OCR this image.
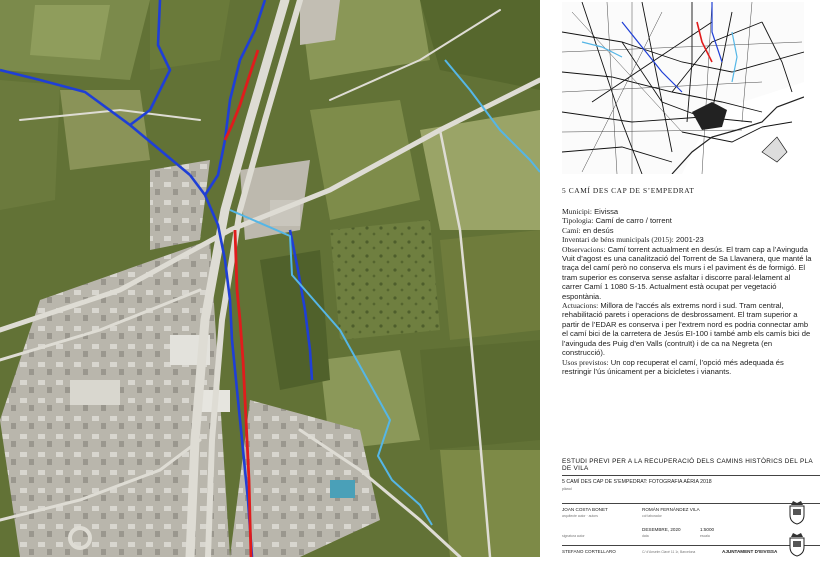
5 CAMÍ DES CAP DE S’EMPEDRAT
Municipi: Eivissa
Tipologia: Camí de carro / torrent
Camí: en desús
Inventari de béns municipals (2015): 2001-23
Observacions: Camí torrent actualment en desús. El tram cap a l’Avinguda Vuit d’agost es una canalització del Torrent de Sa Llavanera, que manté la traça del camí però no conserva els murs i el paviment és de formigó. El tram superior es conserva sense asfaltar i discorre paral·lelament al carrer Camí 1 1080 S-15. Actualment està ocupat per vegetació espontània.
Actuacions: Millora de l’accés als extrems nord i sud. Tram central, rehabilitació parets i operacions de desbrossament. El tram superior a partir de l’EDAR es conserva i per l’extrem nord es podria connectar amb el camí bici de la carretera de Jesús EI-100 i també amb els camís bici de l’avinguda des Puig d’en Valls (contruït) i de ca na Negreta (en construcció).
Usos previstos: Un cop recuperat el camí, l’opció més adequada és restringir l’ús únicament per a bicicletes i vianants.
ESTUDI PREVI PER A LA RECUPERACIÓ DELS CAMINS HISTÒRICS DEL PLA DE VILA
5 CAMÍ DES CAP DE S’EMPEDRAT: FOTOGRAFIA AÈRIA 2018
plànol
JOAN COSTA BONET
arquitecte autor · autors
ROMÁN FERNÁNDEZ VILA
col·laborador
DESEMBRE, 2020
data
1:5000
escala
signatura autor
STEFANO CORTELLARO	C/ d’Anselm Clavé 11 1r, Barcelona	AJUNTAMENT D’EIVISSA
